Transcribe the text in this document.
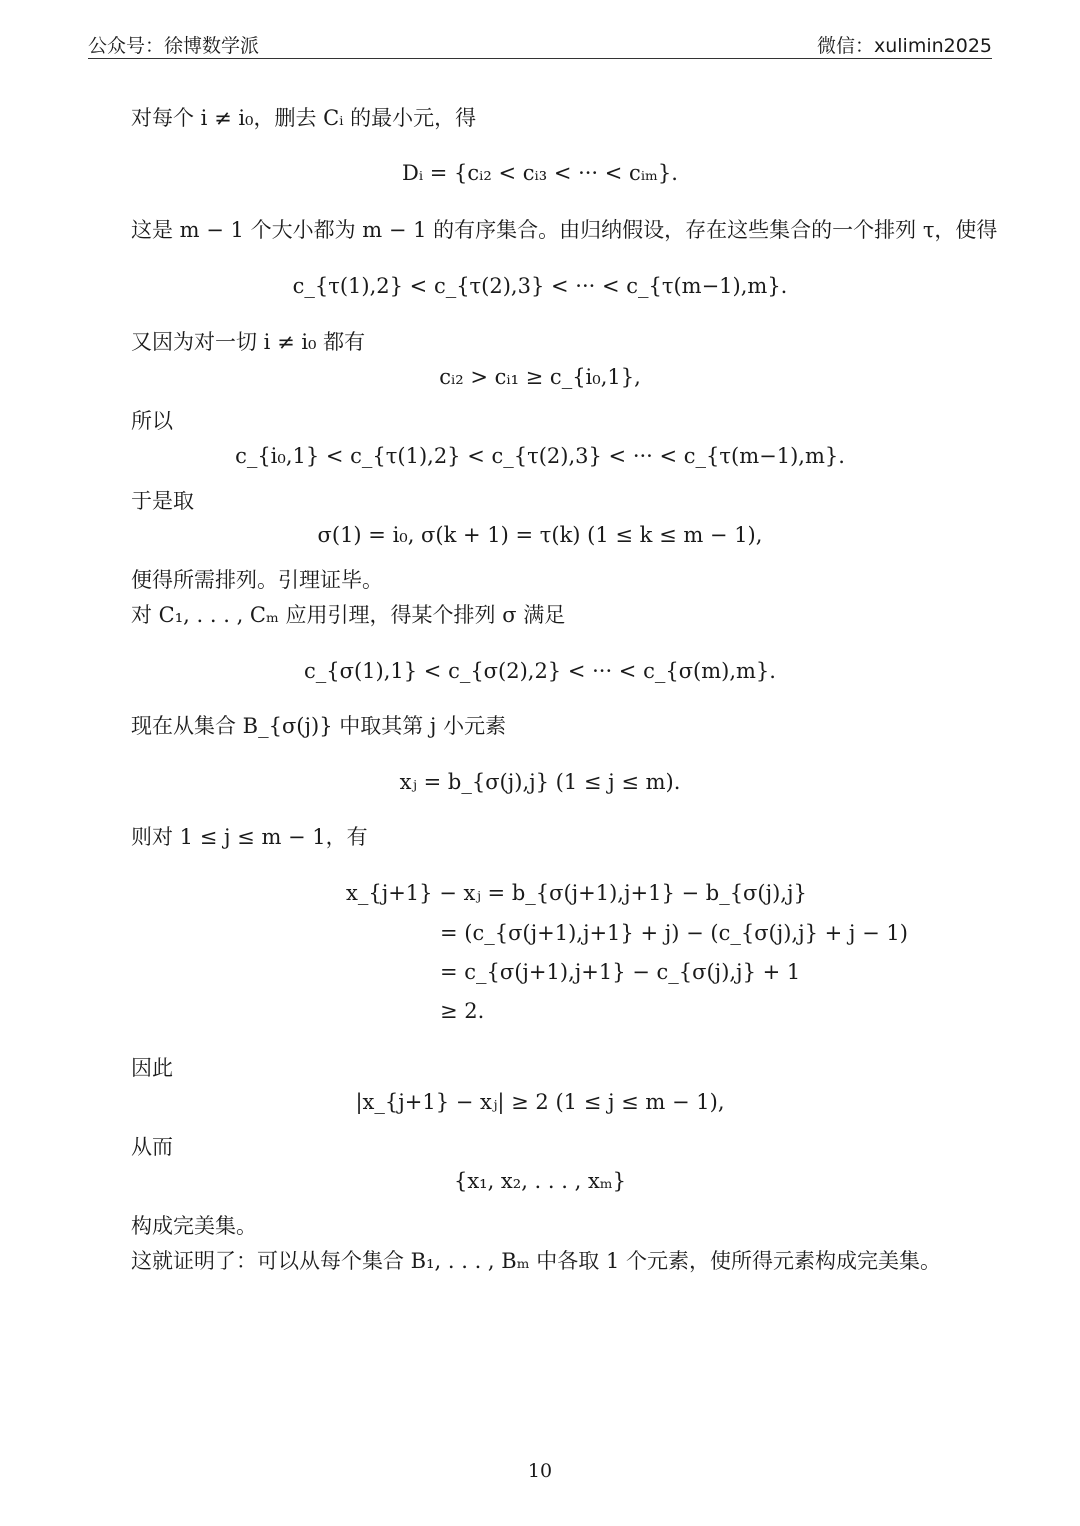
公众号：徐博数学派	微信：xulimin2025
对每个 i ≠ i₀，删去 Cᵢ 的最小元，得
Dᵢ = {cᵢ₂ < cᵢ₃ < ··· < cᵢₘ}.
这是 m − 1 个大小都为 m − 1 的有序集合。由归纳假设，存在这些集合的一个排列 τ，使得
c_{τ(1),2} < c_{τ(2),3} < ··· < c_{τ(m−1),m}.
又因为对一切 i ≠ i₀ 都有
cᵢ₂ > cᵢ₁ ≥ c_{i₀,1},
所以
c_{i₀,1} < c_{τ(1),2} < c_{τ(2),3} < ··· < c_{τ(m−1),m}.
于是取
σ(1) = i₀, σ(k + 1) = τ(k) (1 ≤ k ≤ m − 1),
便得所需排列。引理证毕。
对 C₁, . . . , Cₘ 应用引理，得某个排列 σ 满足
c_{σ(1),1} < c_{σ(2),2} < ··· < c_{σ(m),m}.
现在从集合 B_{σ(j)} 中取其第 j 小元素
xⱼ = b_{σ(j),j} (1 ≤ j ≤ m).
则对 1 ≤ j ≤ m − 1，有
x_{j+1} − xⱼ = b_{σ(j+1),j+1} − b_{σ(j),j}
= (c_{σ(j+1),j+1} + j) − (c_{σ(j),j} + j − 1)
= c_{σ(j+1),j+1} − c_{σ(j),j} + 1
≥ 2.
因此
|x_{j+1} − xⱼ| ≥ 2 (1 ≤ j ≤ m − 1),
从而
{x₁, x₂, . . . , xₘ}
构成完美集。
这就证明了：可以从每个集合 B₁, . . . , Bₘ 中各取 1 个元素，使所得元素构成完美集。
10
